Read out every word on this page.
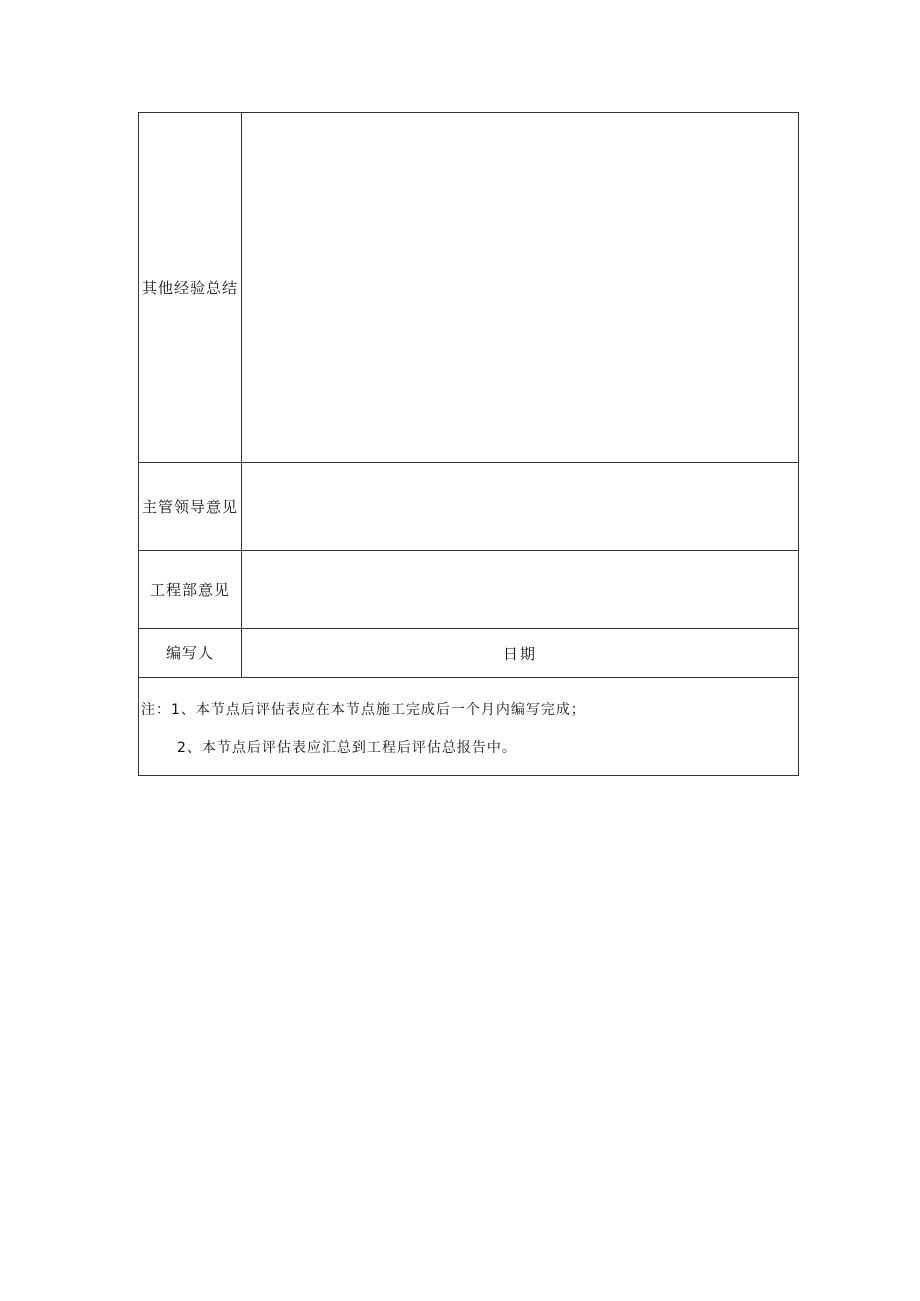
其他经验总结	
主管领导意见	
工程部意见	
编写人	日期

注：1、本节点后评估表应在本节点施工完成后一个月内编写完成；
2、本节点后评估表应汇总到工程后评估总报告中。	
